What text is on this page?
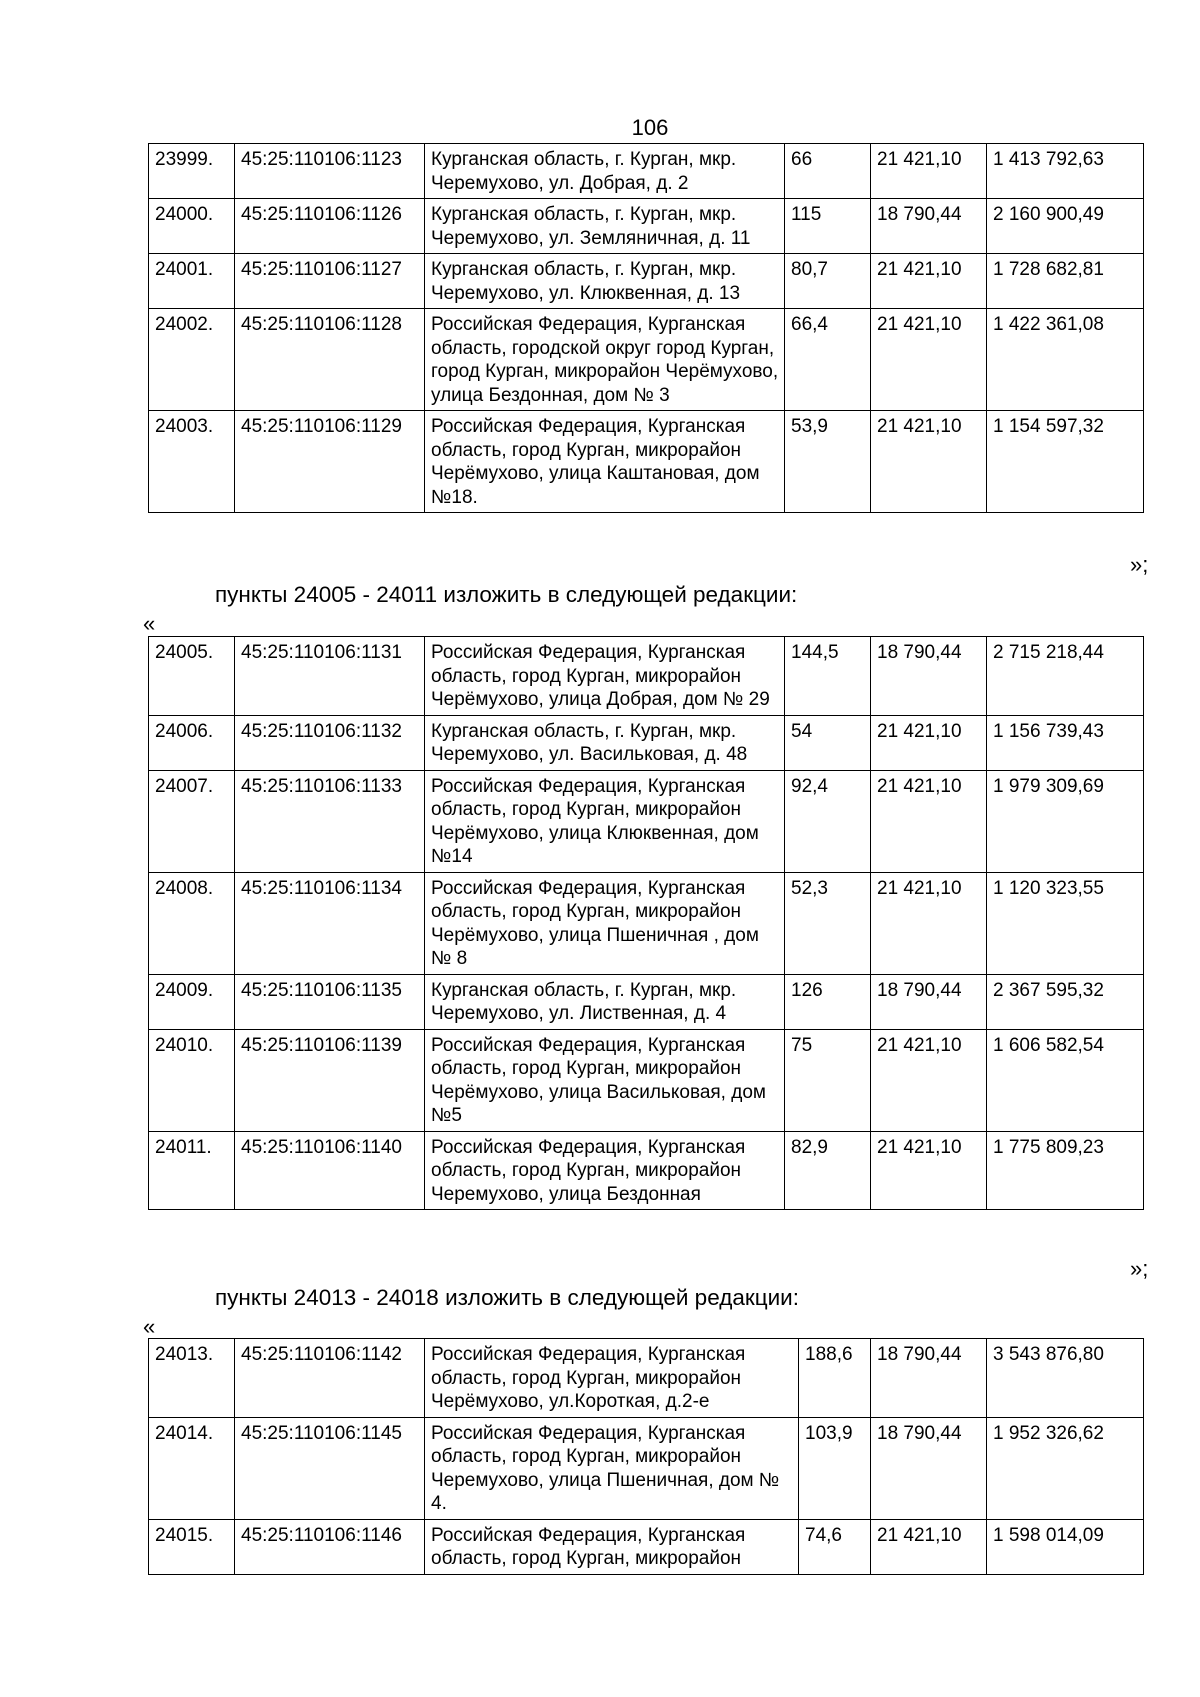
106
23999.	45:25:110106:1123	Курганская область, г. Курган, мкр. Черемухово, ул. Добрая, д. 2	66	21 421,10	1 413 792,63
24000.	45:25:110106:1126	Курганская область, г. Курган, мкр. Черемухово, ул. Земляничная, д. 11	115	18 790,44	2 160 900,49
24001.	45:25:110106:1127	Курганская область, г. Курган, мкр. Черемухово, ул. Клюквенная, д. 13	80,7	21 421,10	1 728 682,81
24002.	45:25:110106:1128	Российская Федерация, Курганская область, городской округ город Курган, город Курган, микрорайон Черёмухово, улица Бездонная, дом № 3	66,4	21 421,10	1 422 361,08
24003.	45:25:110106:1129	Российская Федерация, Курганская область, город Курган, микрорайон Черёмухово, улица Каштановая, дом №18.	53,9	21 421,10	1 154 597,32
»;
пункты 24005 - 24011 изложить в следующей редакции:
«
24005.	45:25:110106:1131	Российская Федерация, Курганская область, город Курган, микрорайон Черёмухово, улица Добрая, дом № 29	144,5	18 790,44	2 715 218,44
24006.	45:25:110106:1132	Курганская область, г. Курган, мкр. Черемухово, ул. Васильковая, д. 48	54	21 421,10	1 156 739,43
24007.	45:25:110106:1133	Российская Федерация, Курганская область, город Курган, микрорайон Черёмухово, улица Клюквенная, дом №14	92,4	21 421,10	1 979 309,69
24008.	45:25:110106:1134	Российская Федерация, Курганская область, город Курган, микрорайон Черёмухово, улица Пшеничная , дом № 8	52,3	21 421,10	1 120 323,55
24009.	45:25:110106:1135	Курганская область, г. Курган, мкр. Черемухово, ул. Лиственная, д. 4	126	18 790,44	2 367 595,32
24010.	45:25:110106:1139	Российская Федерация, Курганская область, город Курган, микрорайон Черёмухово, улица Васильковая, дом №5	75	21 421,10	1 606 582,54
24011.	45:25:110106:1140	Российская Федерация, Курганская область, город Курган, микрорайон Черемухово, улица Бездонная	82,9	21 421,10	1 775 809,23
»;
пункты 24013 - 24018 изложить в следующей редакции:
«
24013.	45:25:110106:1142	Российская Федерация, Курганская область, город Курган, микрорайон Черёмухово, ул.Короткая, д.2-е	188,6	18 790,44	3 543 876,80
24014.	45:25:110106:1145	Российская Федерация, Курганская область, город Курган, микрорайон Черемухово, улица Пшеничная, дом № 4.	103,9	18 790,44	1 952 326,62
24015.	45:25:110106:1146	Российская Федерация, Курганская область, город Курган, микрорайон	74,6	21 421,10	1 598 014,09
